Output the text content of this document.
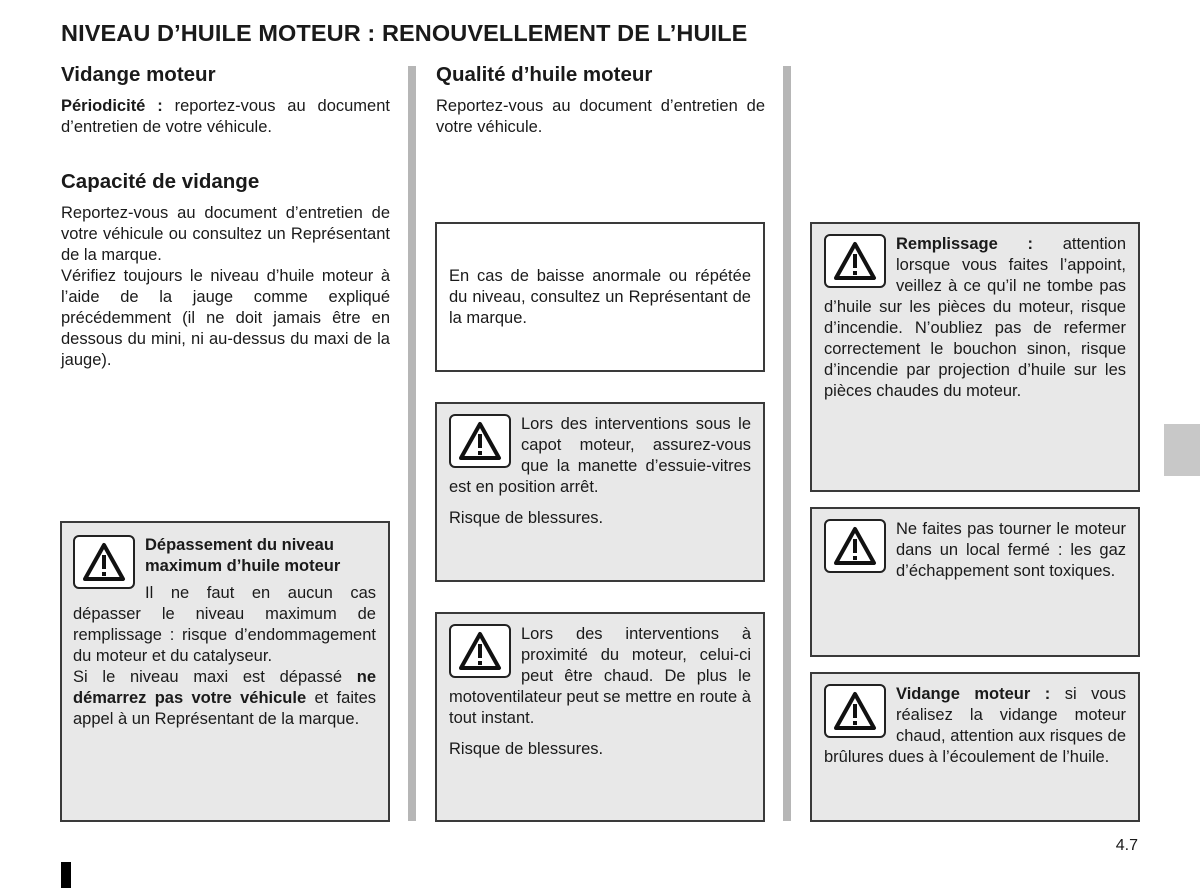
NIVEAU D’HUILE MOTEUR : RENOUVELLEMENT DE L’HUILE
Vidange moteur

Périodicité : reportez-vous au document d’entretien de votre véhicule.

Capacité de vidange

Reportez-vous au document d’entretien de votre véhicule ou consultez un Représentant de la marque.

Vérifiez toujours le niveau d’huile moteur à l’aide de la jauge comme expliqué précédemment (il ne doit jamais être en dessous du mini, ni au-dessus du maxi de la jauge).

Dépassement du niveau maximum d’huile moteur

Il ne faut en aucun cas dépasser le niveau maximum de remplissage : risque d’endommagement du moteur et du catalyseur.

Si le niveau maxi est dépassé ne démarrez pas votre véhicule et faites appel à un Représentant de la marque.

Qualité d’huile moteur
Reportez-vous au document d’entretien de votre véhicule.
En cas de baisse anormale ou répétée du niveau, consultez un Représentant de la marque.

Lors des interventions sous le capot moteur, assurez-vous que la manette d’essuie-vitres est en position arrêt.

Risque de blessures.

Lors des interventions à proximité du moteur, celui-ci peut être chaud. De plus le motoventilateur peut se mettre en route à tout instant.

Risque de blessures.

Remplissage : attention lorsque vous faites l’appoint, veillez à ce qu’il ne tombe pas d’huile sur les pièces du moteur, risque d’incendie. N’oubliez pas de refermer correctement le bouchon sinon, risque d’incendie par projection d’huile sur les pièces chaudes du moteur.

Ne faites pas tourner le moteur dans un local fermé : les gaz d’échappement sont toxiques.

Vidange moteur : si vous réalisez la vidange moteur chaud, attention aux risques de brûlures dues à l’écoulement de l’huile.

4.7
